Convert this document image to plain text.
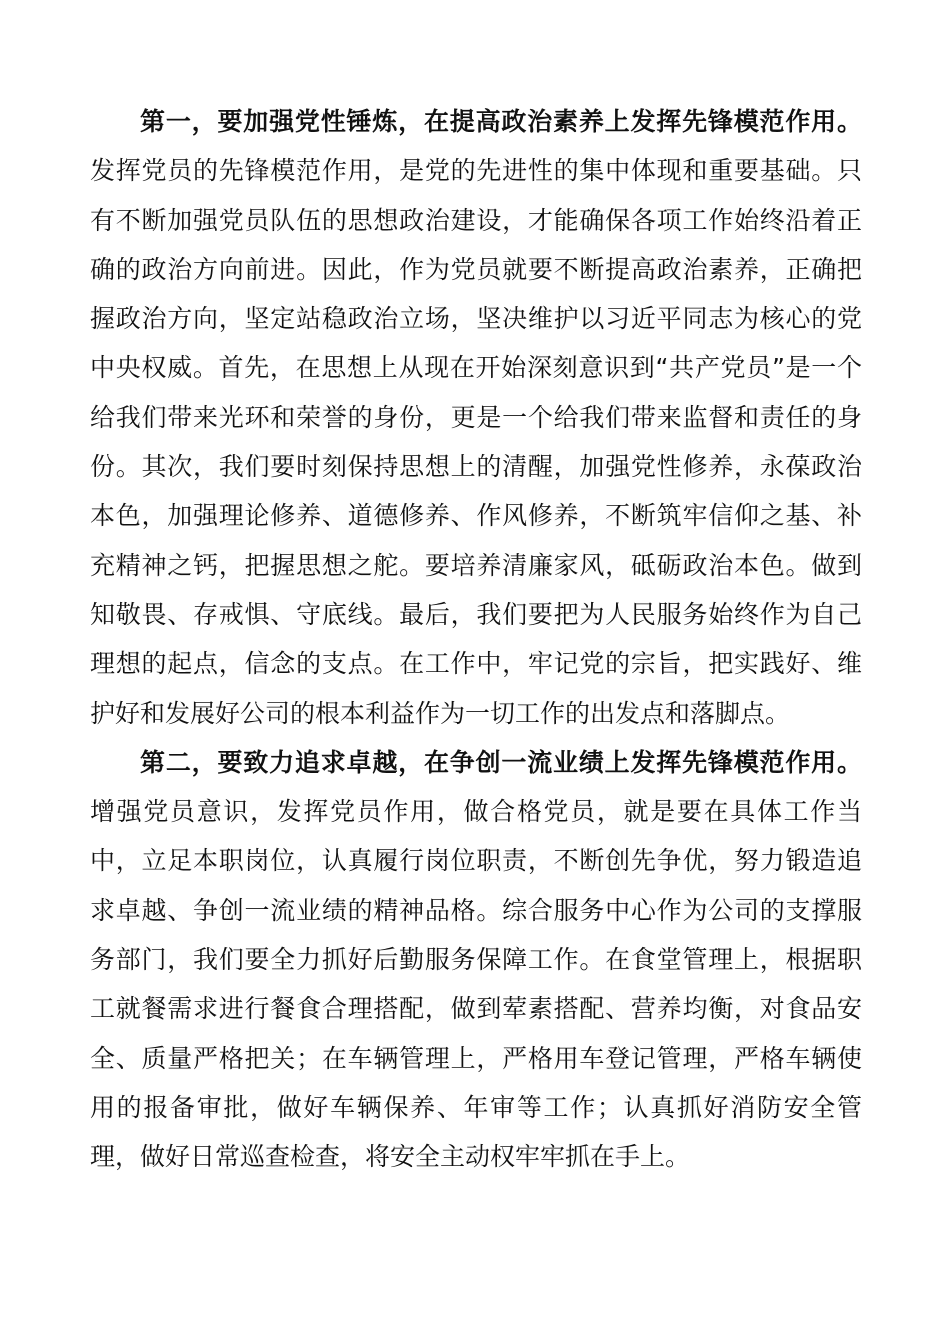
第一，要加强党性锤炼，在提高政治素养上发挥先锋模范作用。发挥党员的先锋模范作用，是党的先进性的集中体现和重要基础。只有不断加强党员队伍的思想政治建设，才能确保各项工作始终沿着正确的政治方向前进。因此，作为党员就要不断提高政治素养，正确把握政治方向，坚定站稳政治立场，坚决维护以习近平同志为核心的党中央权威。首先，在思想上从现在开始深刻意识到“共产党员”是一个给我们带来光环和荣誉的身份，更是一个给我们带来监督和责任的身份。其次，我们要时刻保持思想上的清醒，加强党性修养，永葆政治本色，加强理论修养、道德修养、作风修养，不断筑牢信仰之基、补充精神之钙，把握思想之舵。要培养清廉家风，砥砺政治本色。做到知敬畏、存戒惧、守底线。最后，我们要把为人民服务始终作为自己理想的起点，信念的支点。在工作中，牢记党的宗旨，把实践好、维护好和发展好公司的根本利益作为一切工作的出发点和落脚点。

第二，要致力追求卓越，在争创一流业绩上发挥先锋模范作用。增强党员意识，发挥党员作用，做合格党员，就是要在具体工作当中，立足本职岗位，认真履行岗位职责，不断创先争优，努力锻造追求卓越、争创一流业绩的精神品格。综合服务中心作为公司的支撑服务部门，我们要全力抓好后勤服务保障工作。在食堂管理上，根据职工就餐需求进行餐食合理搭配，做到荤素搭配、营养均衡，对食品安全、质量严格把关；在车辆管理上，严格用车登记管理，严格车辆使用的报备审批，做好车辆保养、年审等工作；认真抓好消防安全管理，做好日常巡查检查，将安全主动权牢牢抓在手上。
